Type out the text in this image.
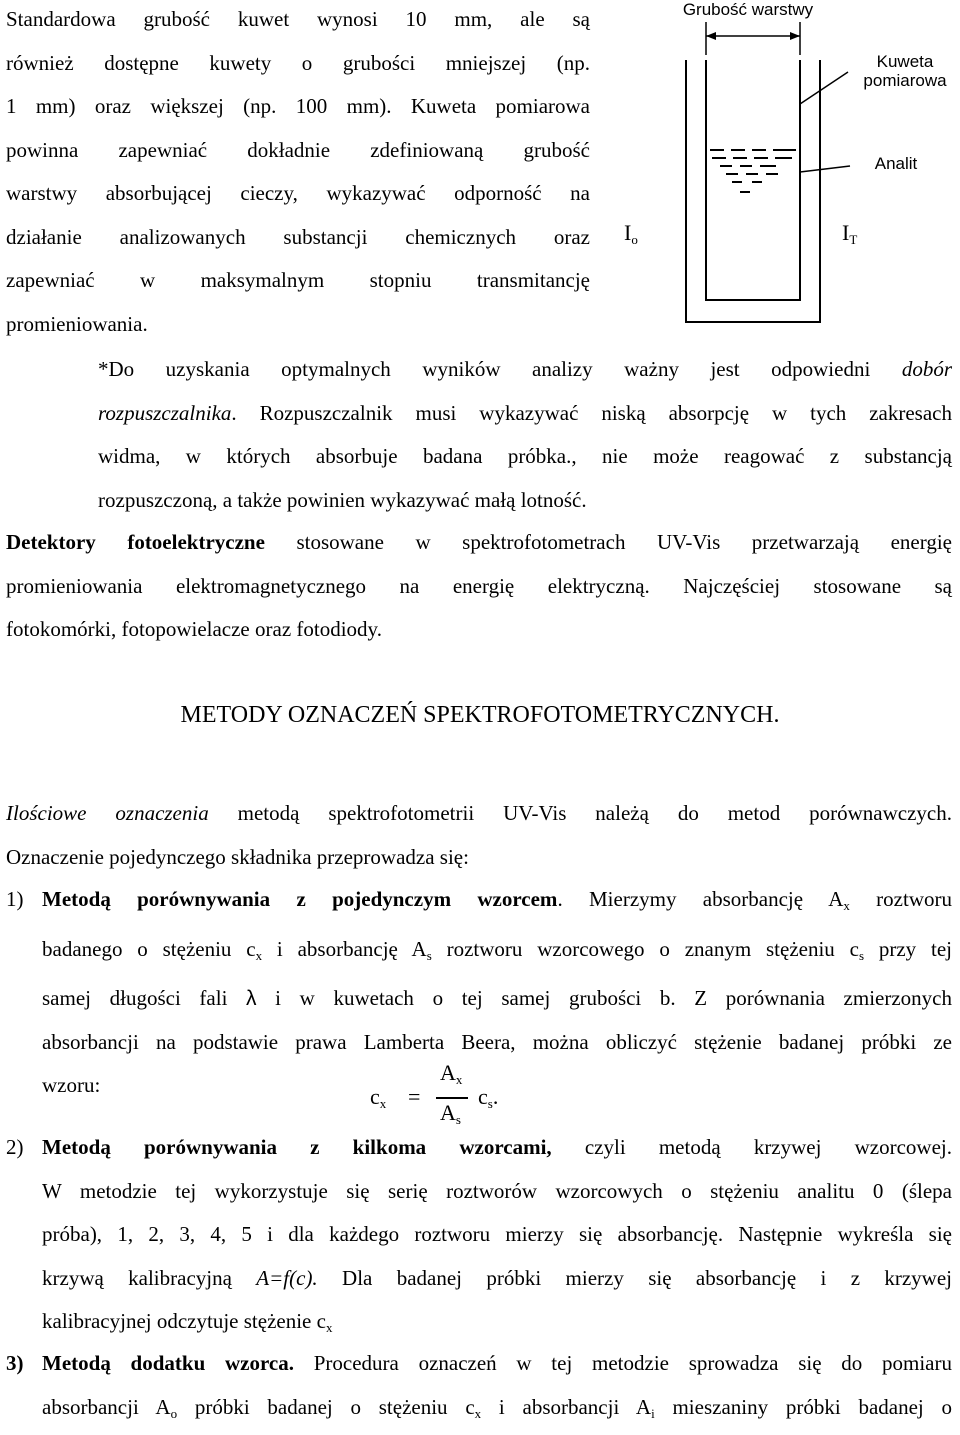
Standardowa grubość kuwet wynosi 10 mm, ale są
również dostępne kuwety o grubości mniejszej (np.
1 mm) oraz większej (np. 100 mm). Kuweta pomiarowa
powinna zapewniać dokładnie zdefiniowaną grubość
warstwy absorbującej cieczy, wykazywać odporność na
działanie analizowanych substancji chemicznych oraz
zapewniać w maksymalnym stopniu transmitancję
promieniowania.
Grubość warstwy
Kuweta
pomiarowa
Analit
$I_o$	$I_T$
*Do uzyskania optymalnych wyników analizy ważny jest odpowiedni dobór
rozpuszczalnika. Rozpuszczalnik musi wykazywać niską absorpcję w tych zakresach
widma, w których absorbuje badana próbka., nie może reagować z substancją
rozpuszczoną, a także powinien wykazywać małą lotność.
Detektory fotoelektryczne stosowane w spektrofotometrach UV-Vis przetwarzają energię
promieniowania elektromagnetycznego na energię elektryczną. Najczęściej stosowane są
fotokomórki, fotopowielacze oraz fotodiody.
METODY OZNACZEŃ SPEKTROFOTOMETRYCZNYCH.
Ilościowe oznaczenia metodą spektrofotometrii UV-Vis należą do metod porównawczych.
Oznaczenie pojedynczego składnika przeprowadza się:
1) Metodą porównywania z pojedynczym wzorcem. Mierzymy absorbancję $A_x$ roztworu
badanego o stężeniu $c_x$ i absorbancję $A_s$ roztworu wzorcowego o znanym stężeniu $c_s$ przy tej
samej długości fali λ i w kuwetach o tej samej grubości b. Z porównania zmierzonych
absorbancji na podstawie prawa Lamberta Beera, można obliczyć stężenie badanej próbki ze
wzoru:	$c_x$ =
$A_x$
$A_s$
$c_s$.
2) Metodą porównywania z kilkoma wzorcami, czyli metodą krzywej wzorcowej.
W metodzie tej wykorzystuje się serię roztworów wzorcowych o stężeniu analitu 0 (ślepa
próba), 1, 2, 3, 4, 5 i dla każdego roztworu mierzy się absorbancję. Następnie wykreśla się
krzywą kalibracyjną A=f(c). Dla badanej próbki mierzy się absorbancję i z krzywej
kalibracyjnej odczytuje stężenie $c_x$
3) Metodą dodatku wzorca. Procedura oznaczeń w tej metodzie sprowadza się do pomiaru
absorbancji $A_o$ próbki badanej o stężeniu $c_x$ i absorbancji $A_i$ mieszaniny próbki badanej o
